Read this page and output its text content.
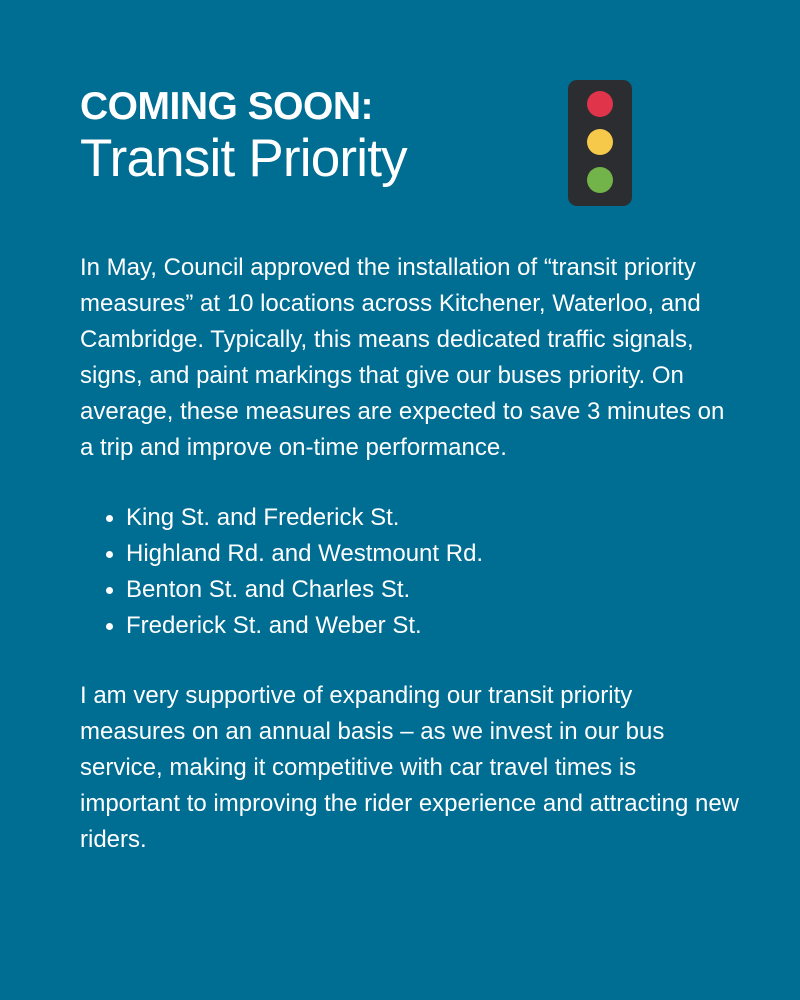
COMING SOON:
Transit Priority

In May, Council approved the installation of “transit priority measures” at 10 locations across Kitchener, Waterloo, and Cambridge. Typically, this means dedicated traffic signals, signs, and paint markings that give our buses priority. On average, these measures are expected to save 3 minutes on a trip and improve on-time performance.

King St. and Frederick St.
Highland Rd. and Westmount Rd.
Benton St. and Charles St.
Frederick St. and Weber St.

I am very supportive of expanding our transit priority measures on an annual basis – as we invest in our bus service, making it competitive with car travel times is important to improving the rider experience and attracting new riders.
